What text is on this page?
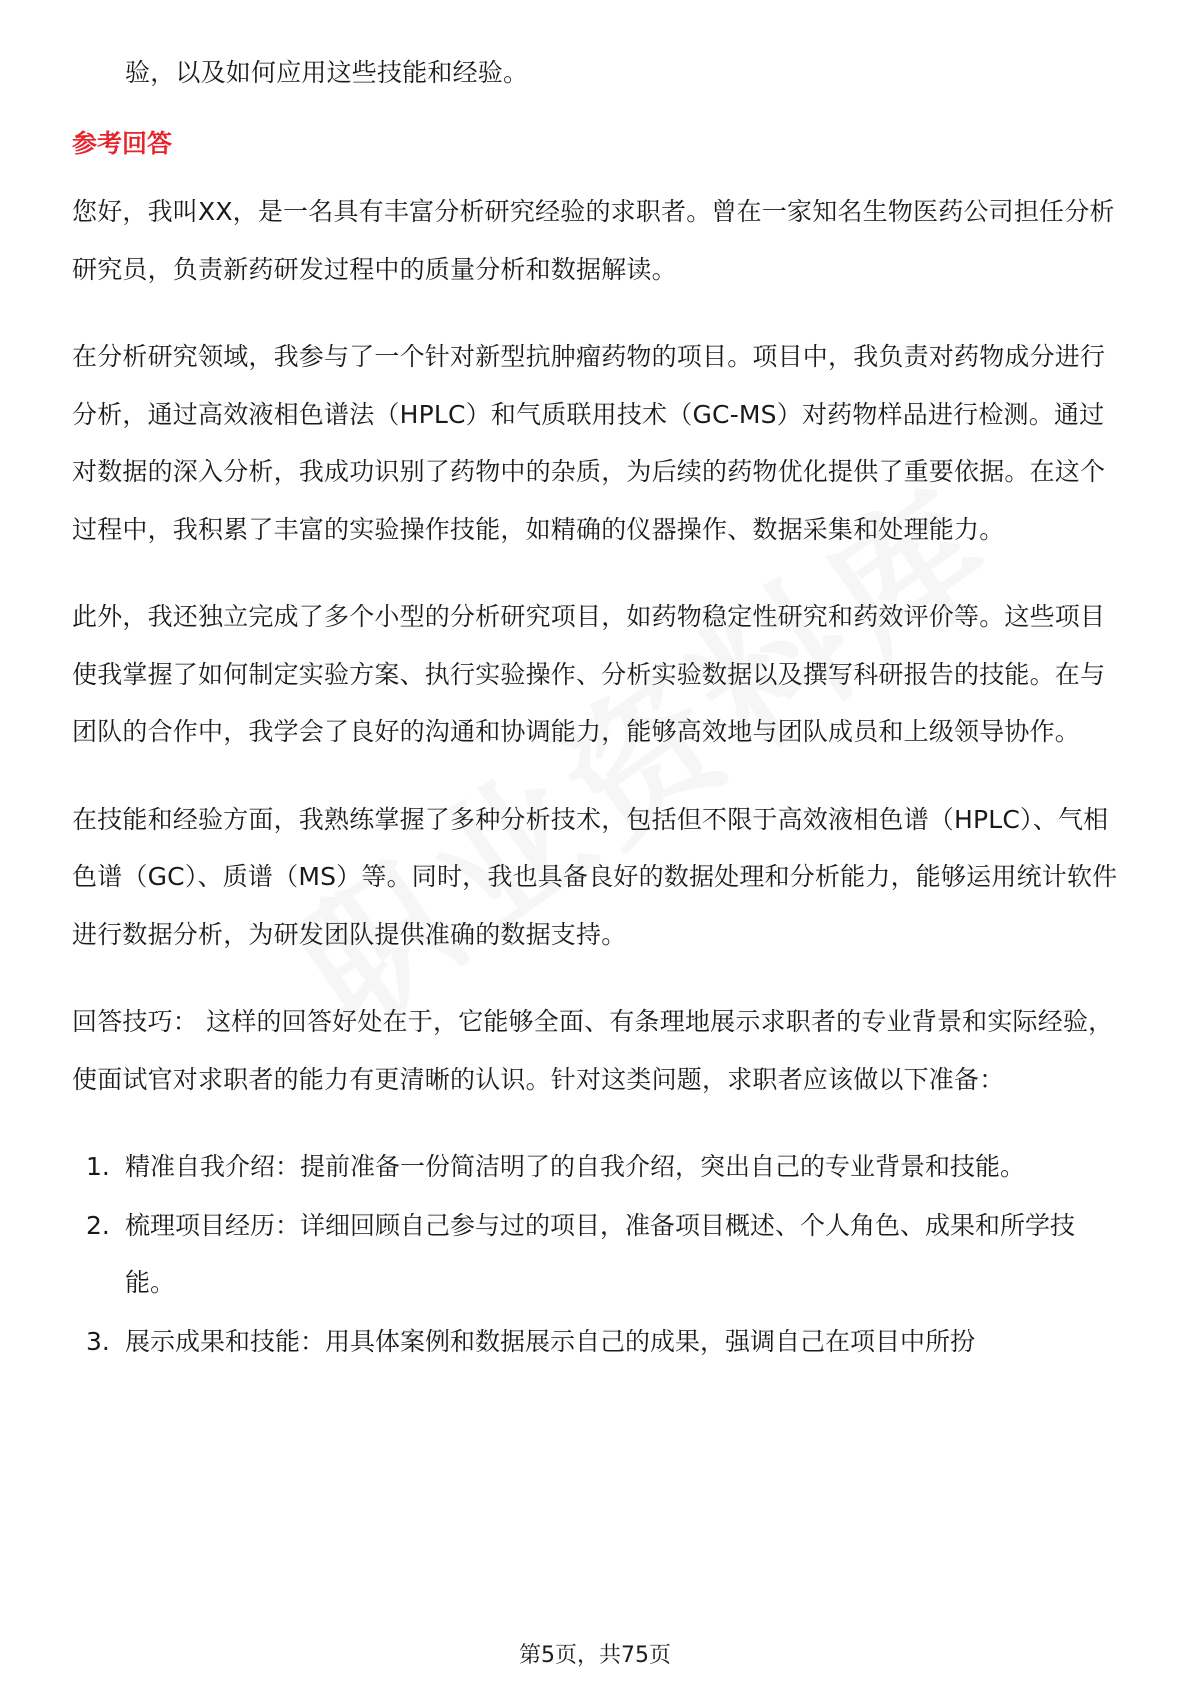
验，以及如何应用这些技能和经验。

参考回答

您好，我叫XX，是一名具有丰富分析研究经验的求职者。曾在一家知名生物医药公司担任分析研究员，负责新药研发过程中的质量分析和数据解读。

在分析研究领域，我参与了一个针对新型抗肿瘤药物的项目。项目中，我负责对药物成分进行分析，通过高效液相色谱法（HPLC）和气质联用技术（GC-MS）对药物样品进行检测。通过对数据的深入分析，我成功识别了药物中的杂质，为后续的药物优化提供了重要依据。在这个过程中，我积累了丰富的实验操作技能，如精确的仪器操作、数据采集和处理能力。

此外，我还独立完成了多个小型的分析研究项目，如药物稳定性研究和药效评价等。这些项目使我掌握了如何制定实验方案、执行实验操作、分析实验数据以及撰写科研报告的技能。在与团队的合作中，我学会了良好的沟通和协调能力，能够高效地与团队成员和上级领导协作。

在技能和经验方面，我熟练掌握了多种分析技术，包括但不限于高效液相色谱（HPLC）、气相色谱（GC）、质谱（MS）等。同时，我也具备良好的数据处理和分析能力，能够运用统计软件进行数据分析，为研发团队提供准确的数据支持。

回答技巧： 这样的回答好处在于，它能够全面、有条理地展示求职者的专业背景和实际经验，使面试官对求职者的能力有更清晰的认识。针对这类问题，求职者应该做以下准备：

1. 精准自我介绍：提前准备一份简洁明了的自我介绍，突出自己的专业背景和技能。
2. 梳理项目经历：详细回顾自己参与过的项目，准备项目概述、个人角色、成果和所学技能。
3. 展示成果和技能：用具体案例和数据展示自己的成果，强调自己在项目中所扮
第5页，共75页
